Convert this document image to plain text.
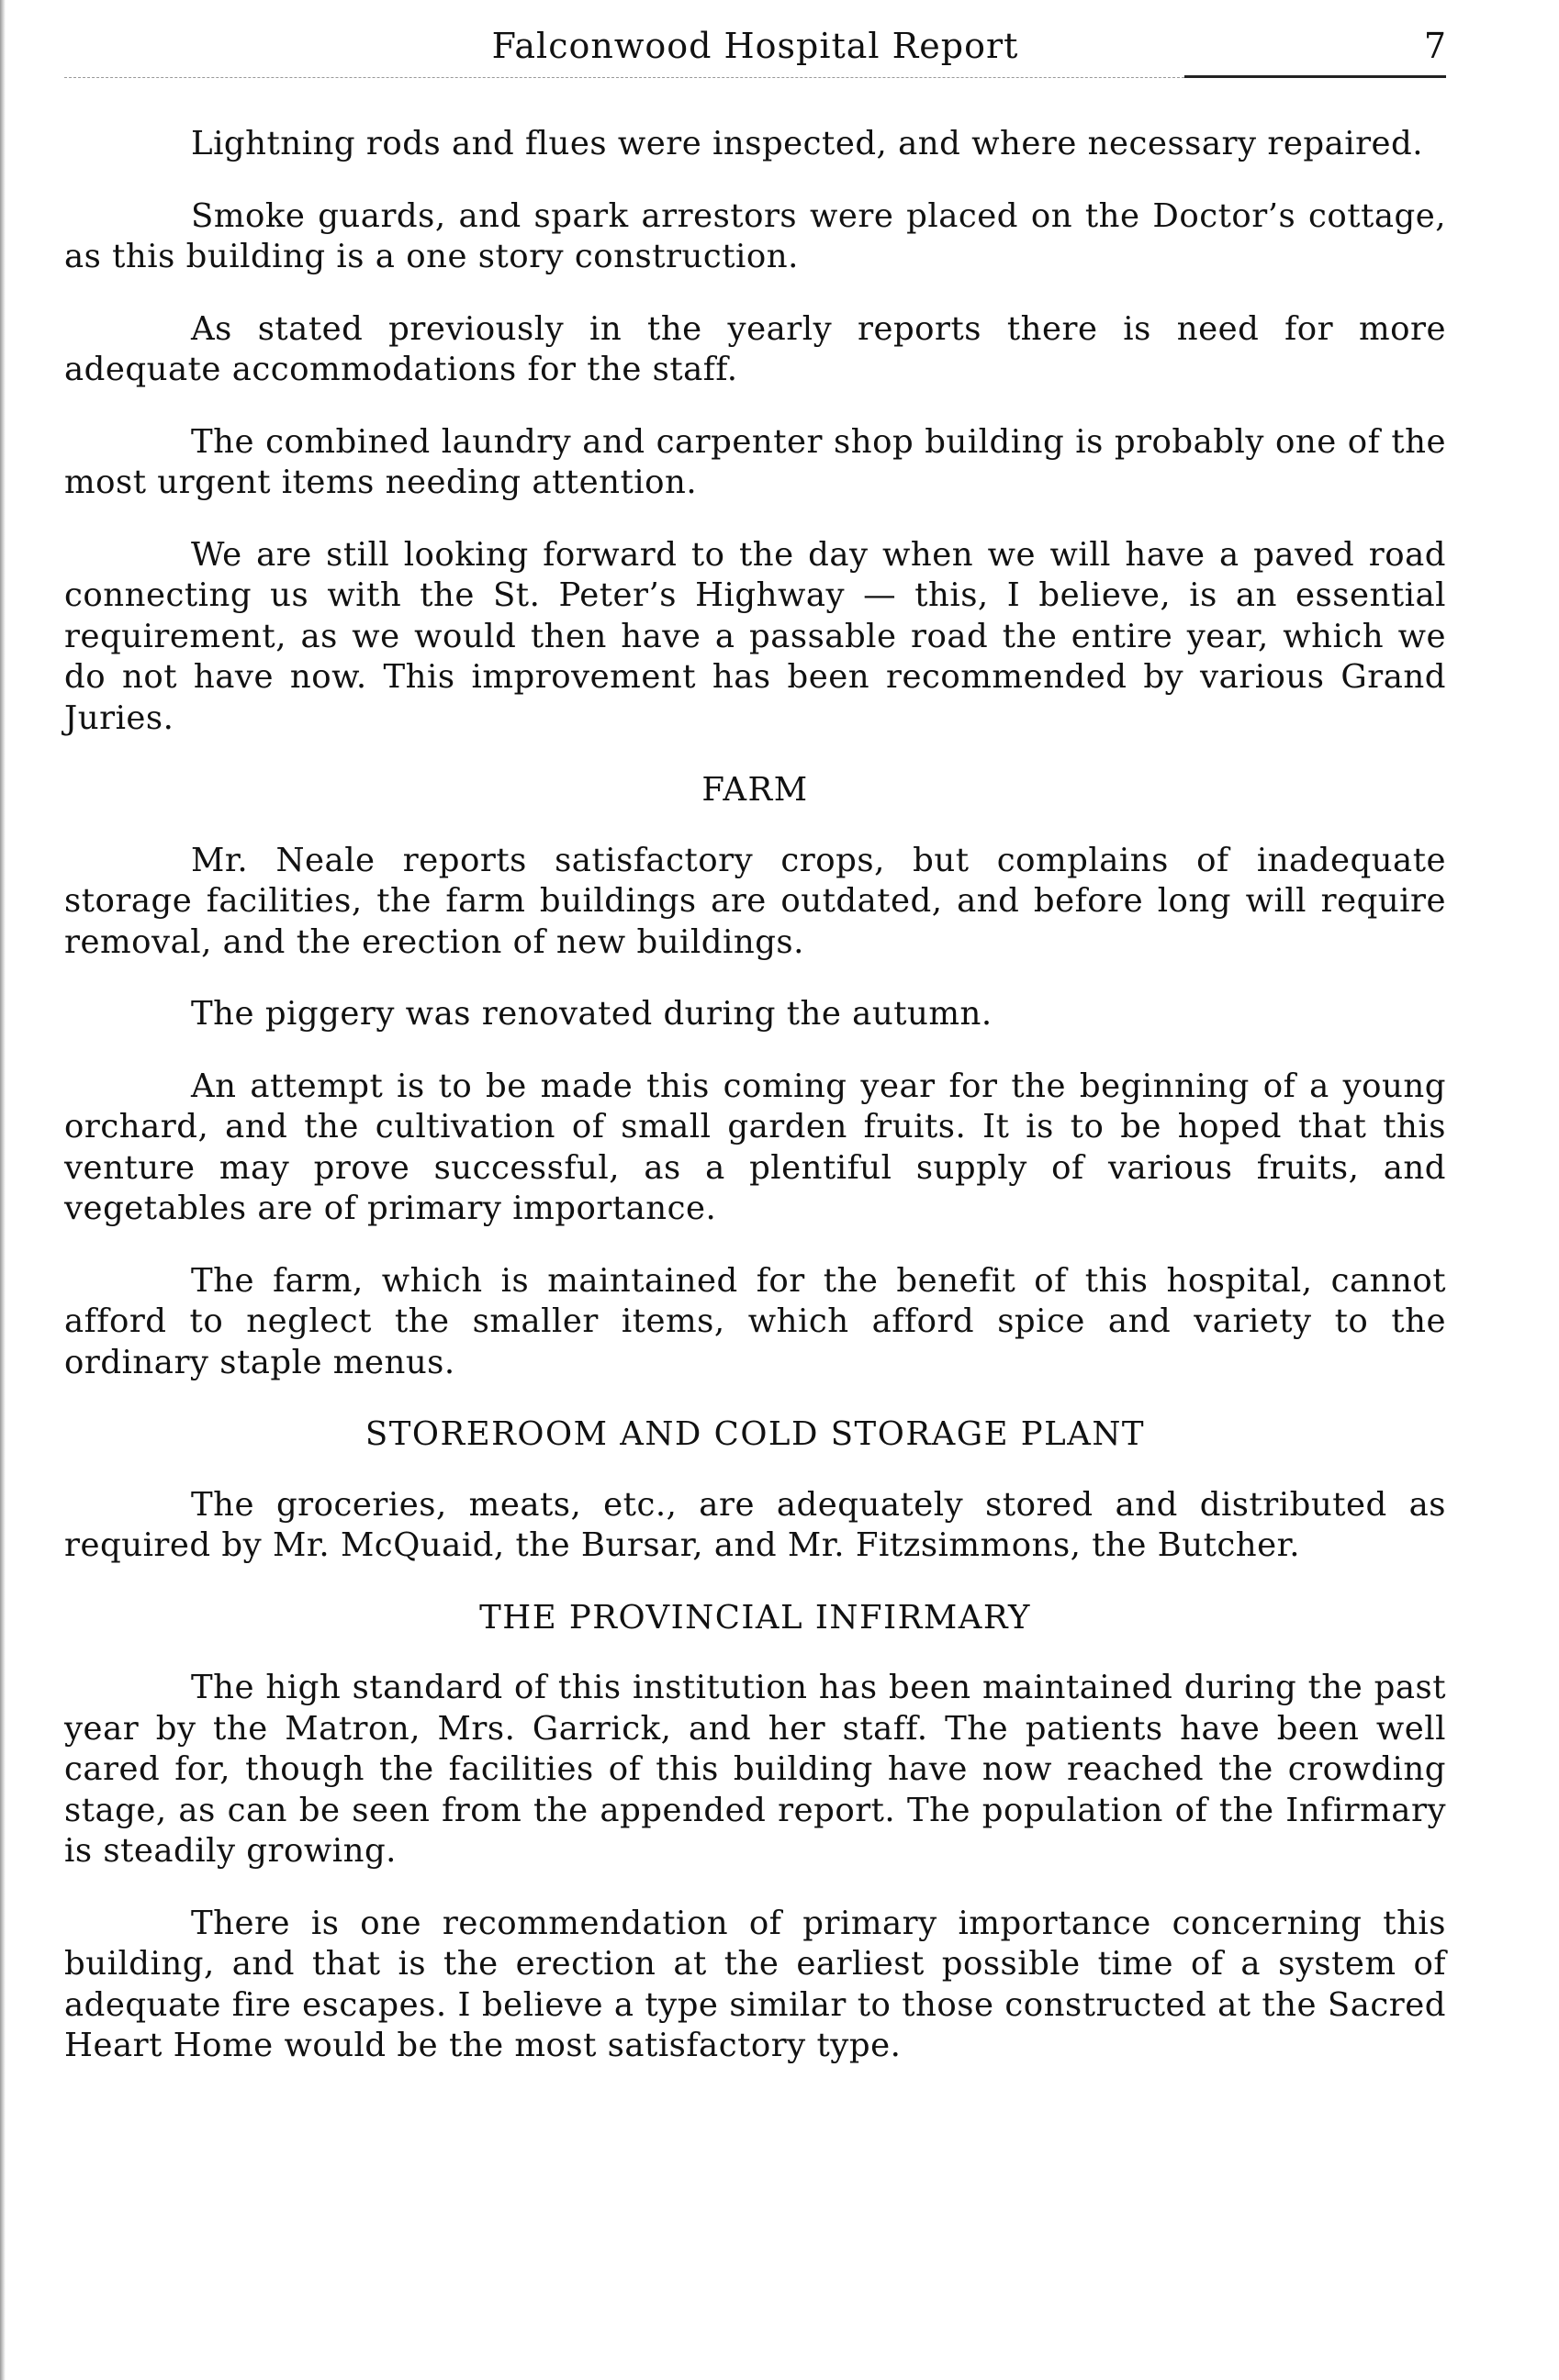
Falconwood Hospital Report	7

Lightning rods and flues were inspected, and where necessary repaired.

Smoke guards, and spark arrestors were placed on the Doctor’s cottage, as this building is a one story construction.

As stated previously in the yearly reports there is need for more adequate accommodations for the staff.

The combined laundry and carpenter shop building is probably one of the most urgent items needing attention.

We are still looking forward to the day when we will have a paved road connecting us with the St. Peter’s Highway — this, I believe, is an essential requirement, as we would then have a passable road the entire year, which we do not have now. This improvement has been recommended by various Grand Juries.

FARM

Mr. Neale reports satisfactory crops, but complains of inadequate storage facilities, the farm buildings are outdated, and before long will require removal, and the erection of new buildings.

The piggery was renovated during the autumn.

An attempt is to be made this coming year for the beginning of a young orchard, and the cultivation of small garden fruits. It is to be hoped that this venture may prove successful, as a plentiful supply of various fruits, and vegetables are of primary importance.

The farm, which is maintained for the benefit of this hospital, cannot afford to neglect the smaller items, which afford spice and variety to the ordinary staple menus.

STOREROOM AND COLD STORAGE PLANT

The groceries, meats, etc., are adequately stored and distributed as required by Mr. McQuaid, the Bursar, and Mr. Fitzsimmons, the Butcher.

THE PROVINCIAL INFIRMARY

The high standard of this institution has been maintained during the past year by the Matron, Mrs. Garrick, and her staff. The patients have been well cared for, though the facilities of this building have now reached the crowding stage, as can be seen from the appended report. The population of the Infirmary is steadily growing.

There is one recommendation of primary importance concerning this building, and that is the erection at the earliest possible time of a system of adequate fire escapes. I believe a type similar to those constructed at the Sacred Heart Home would be the most satisfactory type.
